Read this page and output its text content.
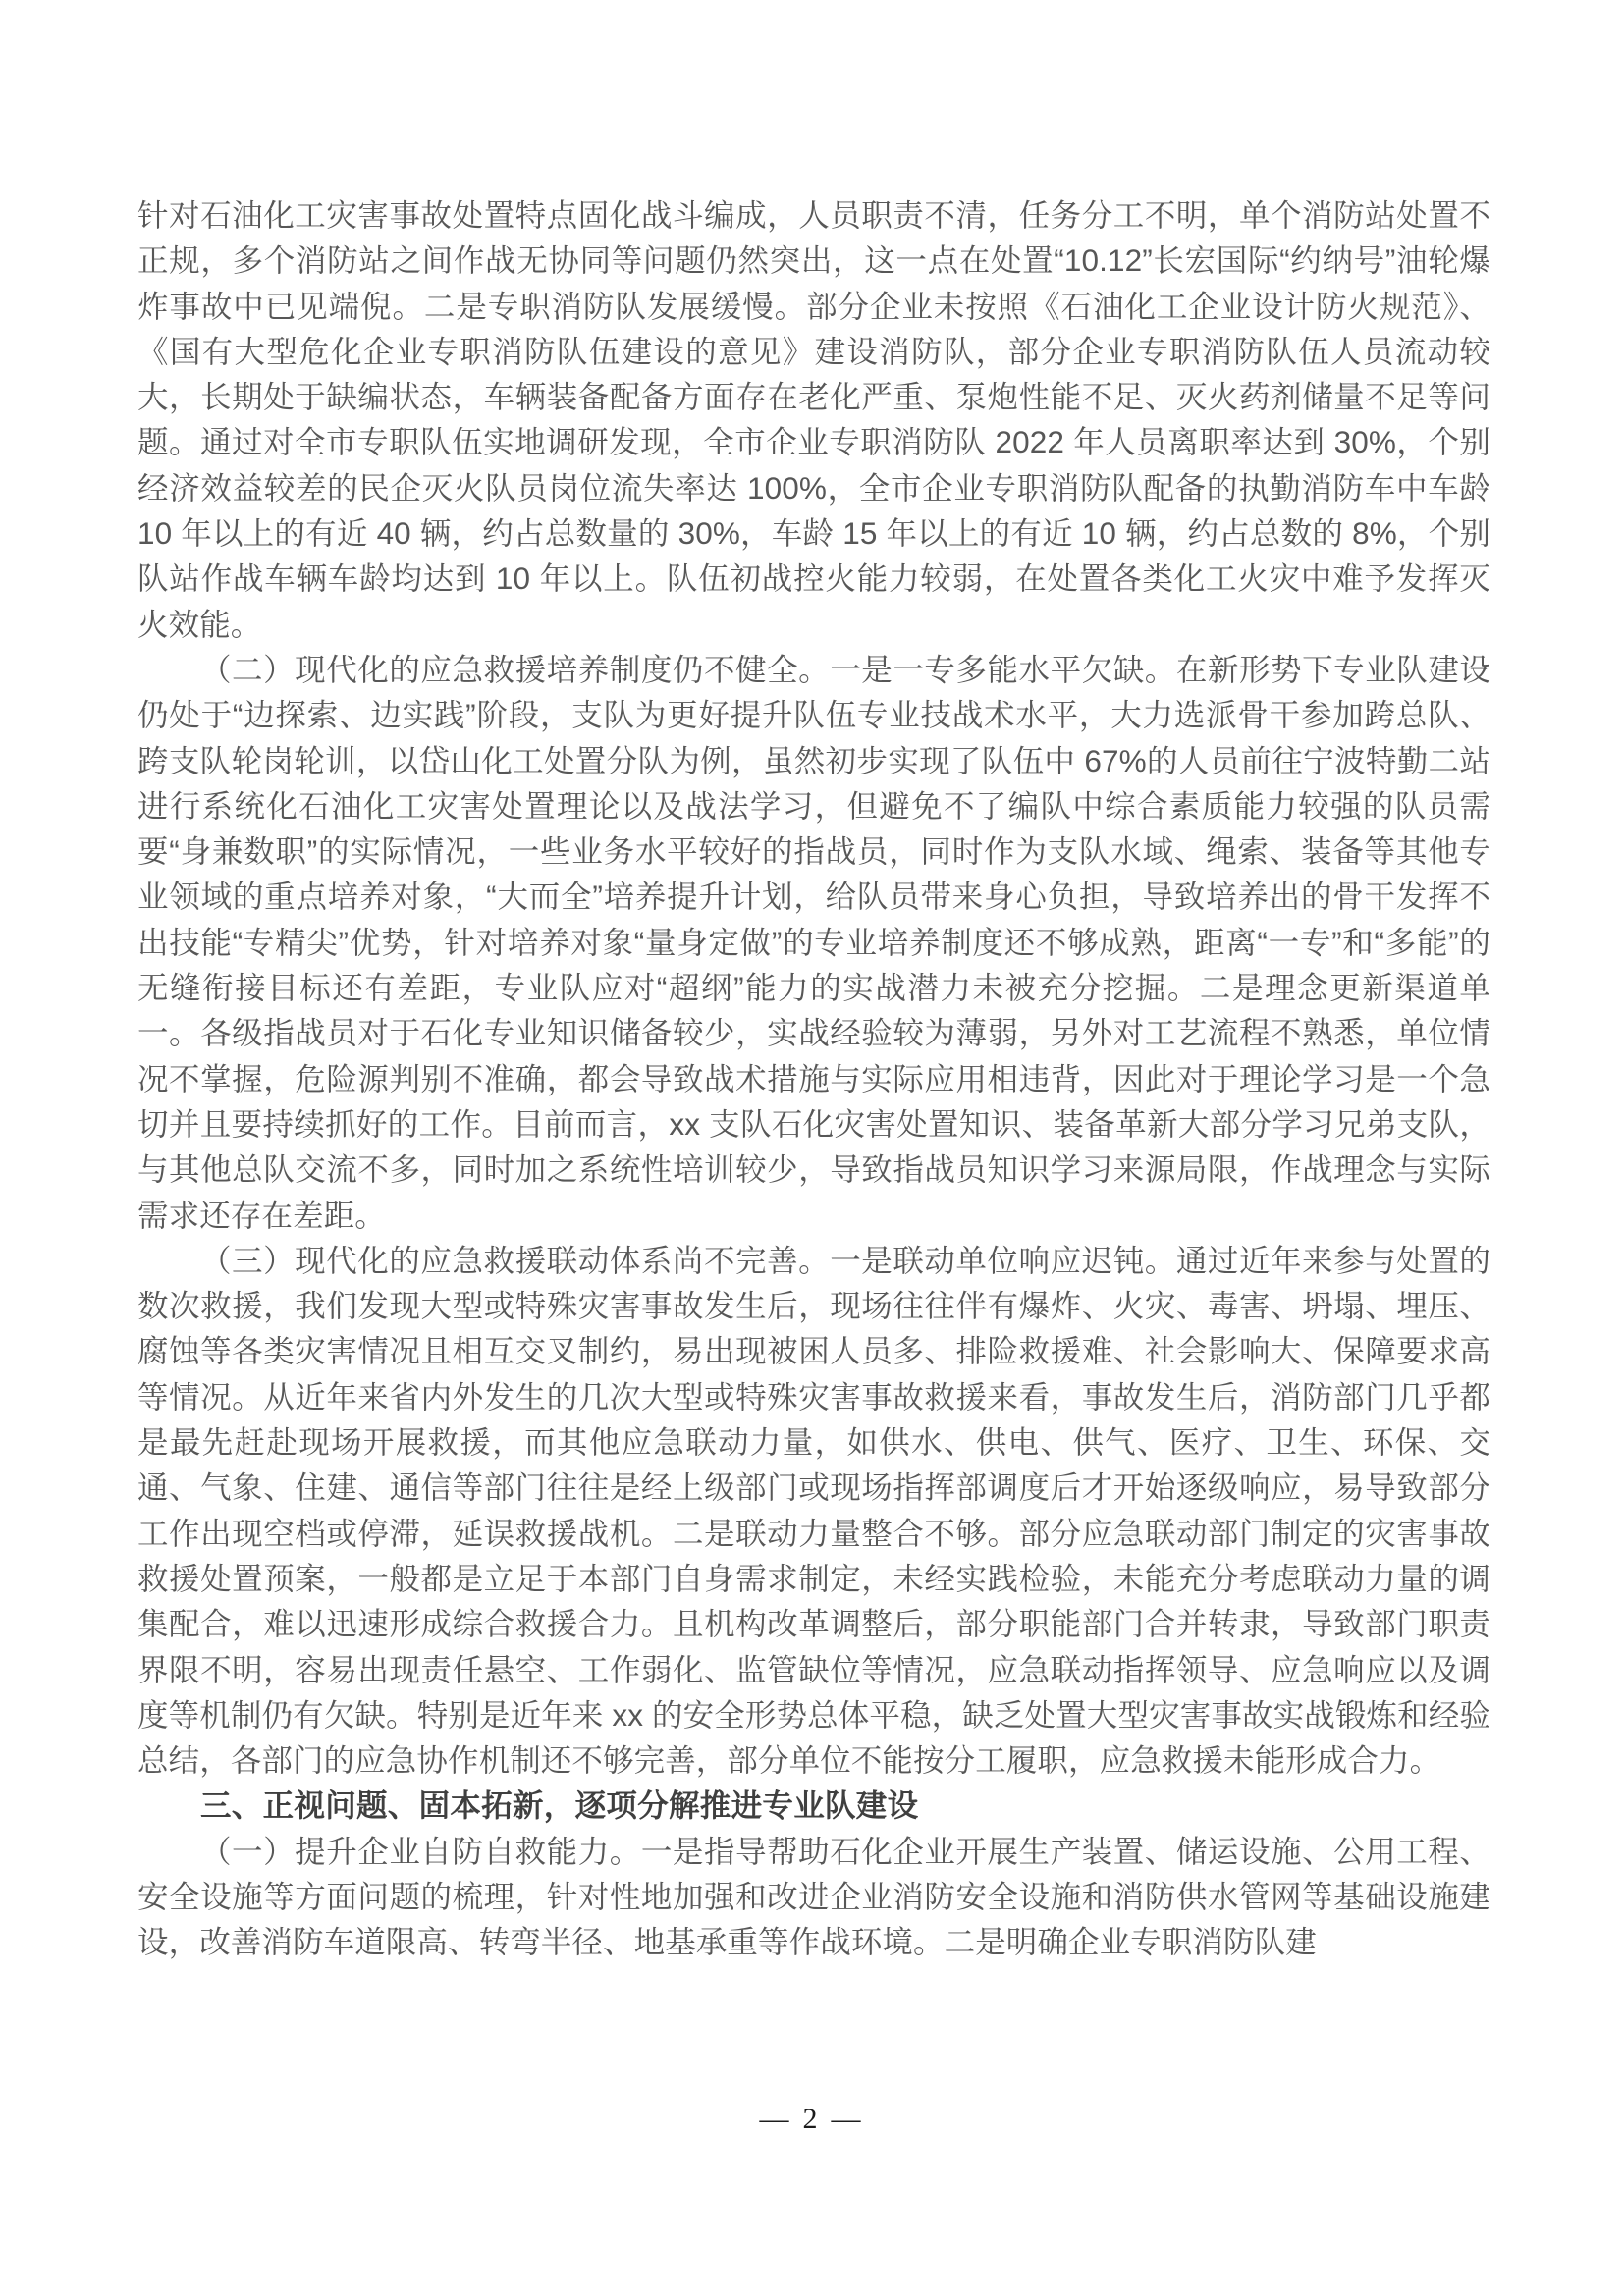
针对石油化工灾害事故处置特点固化战斗编成，人员职责不清，任务分工不明，单个消防站处置不正规，多个消防站之间作战无协同等问题仍然突出，这一点在处置“10.12”长宏国际“约纳号”油轮爆炸事故中已见端倪。二是专职消防队发展缓慢。部分企业未按照《石油化工企业设计防火规范》、《国有大型危化企业专职消防队伍建设的意见》建设消防队，部分企业专职消防队伍人员流动较大，长期处于缺编状态，车辆装备配备方面存在老化严重、泵炮性能不足、灭火药剂储量不足等问题。通过对全市专职队伍实地调研发现，全市企业专职消防队 2022 年人员离职率达到 30%，个别经济效益较差的民企灭火队员岗位流失率达 100%，全市企业专职消防队配备的执勤消防车中车龄 10 年以上的有近 40 辆，约占总数量的 30%，车龄 15 年以上的有近 10 辆，约占总数的 8%，个别队站作战车辆车龄均达到 10 年以上。队伍初战控火能力较弱，在处置各类化工火灾中难予发挥灭火效能。

（二）现代化的应急救援培养制度仍不健全。一是一专多能水平欠缺。在新形势下专业队建设仍处于“边探索、边实践”阶段，支队为更好提升队伍专业技战术水平，大力选派骨干参加跨总队、跨支队轮岗轮训，以岱山化工处置分队为例，虽然初步实现了队伍中 67%的人员前往宁波特勤二站进行系统化石油化工灾害处置理论以及战法学习，但避免不了编队中综合素质能力较强的队员需要“身兼数职”的实际情况，一些业务水平较好的指战员，同时作为支队水域、绳索、装备等其他专业领域的重点培养对象，“大而全”培养提升计划，给队员带来身心负担，导致培养出的骨干发挥不出技能“专精尖”优势，针对培养对象“量身定做”的专业培养制度还不够成熟，距离“一专”和“多能”的无缝衔接目标还有差距，专业队应对“超纲”能力的实战潜力未被充分挖掘。二是理念更新渠道单一。各级指战员对于石化专业知识储备较少，实战经验较为薄弱，另外对工艺流程不熟悉，单位情况不掌握，危险源判别不准确，都会导致战术措施与实际应用相违背，因此对于理论学习是一个急切并且要持续抓好的工作。目前而言，xx 支队石化灾害处置知识、装备革新大部分学习兄弟支队，与其他总队交流不多，同时加之系统性培训较少，导致指战员知识学习来源局限，作战理念与实际需求还存在差距。

（三）现代化的应急救援联动体系尚不完善。一是联动单位响应迟钝。通过近年来参与处置的数次救援，我们发现大型或特殊灾害事故发生后，现场往往伴有爆炸、火灾、毒害、坍塌、埋压、腐蚀等各类灾害情况且相互交叉制约，易出现被困人员多、排险救援难、社会影响大、保障要求高等情况。从近年来省内外发生的几次大型或特殊灾害事故救援来看，事故发生后，消防部门几乎都是最先赶赴现场开展救援，而其他应急联动力量，如供水、供电、供气、医疗、卫生、环保、交通、气象、住建、通信等部门往往是经上级部门或现场指挥部调度后才开始逐级响应，易导致部分工作出现空档或停滞，延误救援战机。二是联动力量整合不够。部分应急联动部门制定的灾害事故救援处置预案，一般都是立足于本部门自身需求制定，未经实践检验，未能充分考虑联动力量的调集配合，难以迅速形成综合救援合力。且机构改革调整后，部分职能部门合并转隶，导致部门职责界限不明，容易出现责任悬空、工作弱化、监管缺位等情况，应急联动指挥领导、应急响应以及调度等机制仍有欠缺。特别是近年来 xx 的安全形势总体平稳，缺乏处置大型灾害事故实战锻炼和经验总结，各部门的应急协作机制还不够完善，部分单位不能按分工履职，应急救援未能形成合力。

三、正视问题、固本拓新，逐项分解推进专业队建设

（一）提升企业自防自救能力。一是指导帮助石化企业开展生产装置、储运设施、公用工程、安全设施等方面问题的梳理，针对性地加强和改进企业消防安全设施和消防供水管网等基础设施建设，改善消防车道限高、转弯半径、地基承重等作战环境。二是明确企业专职消防队建

— 2 —
